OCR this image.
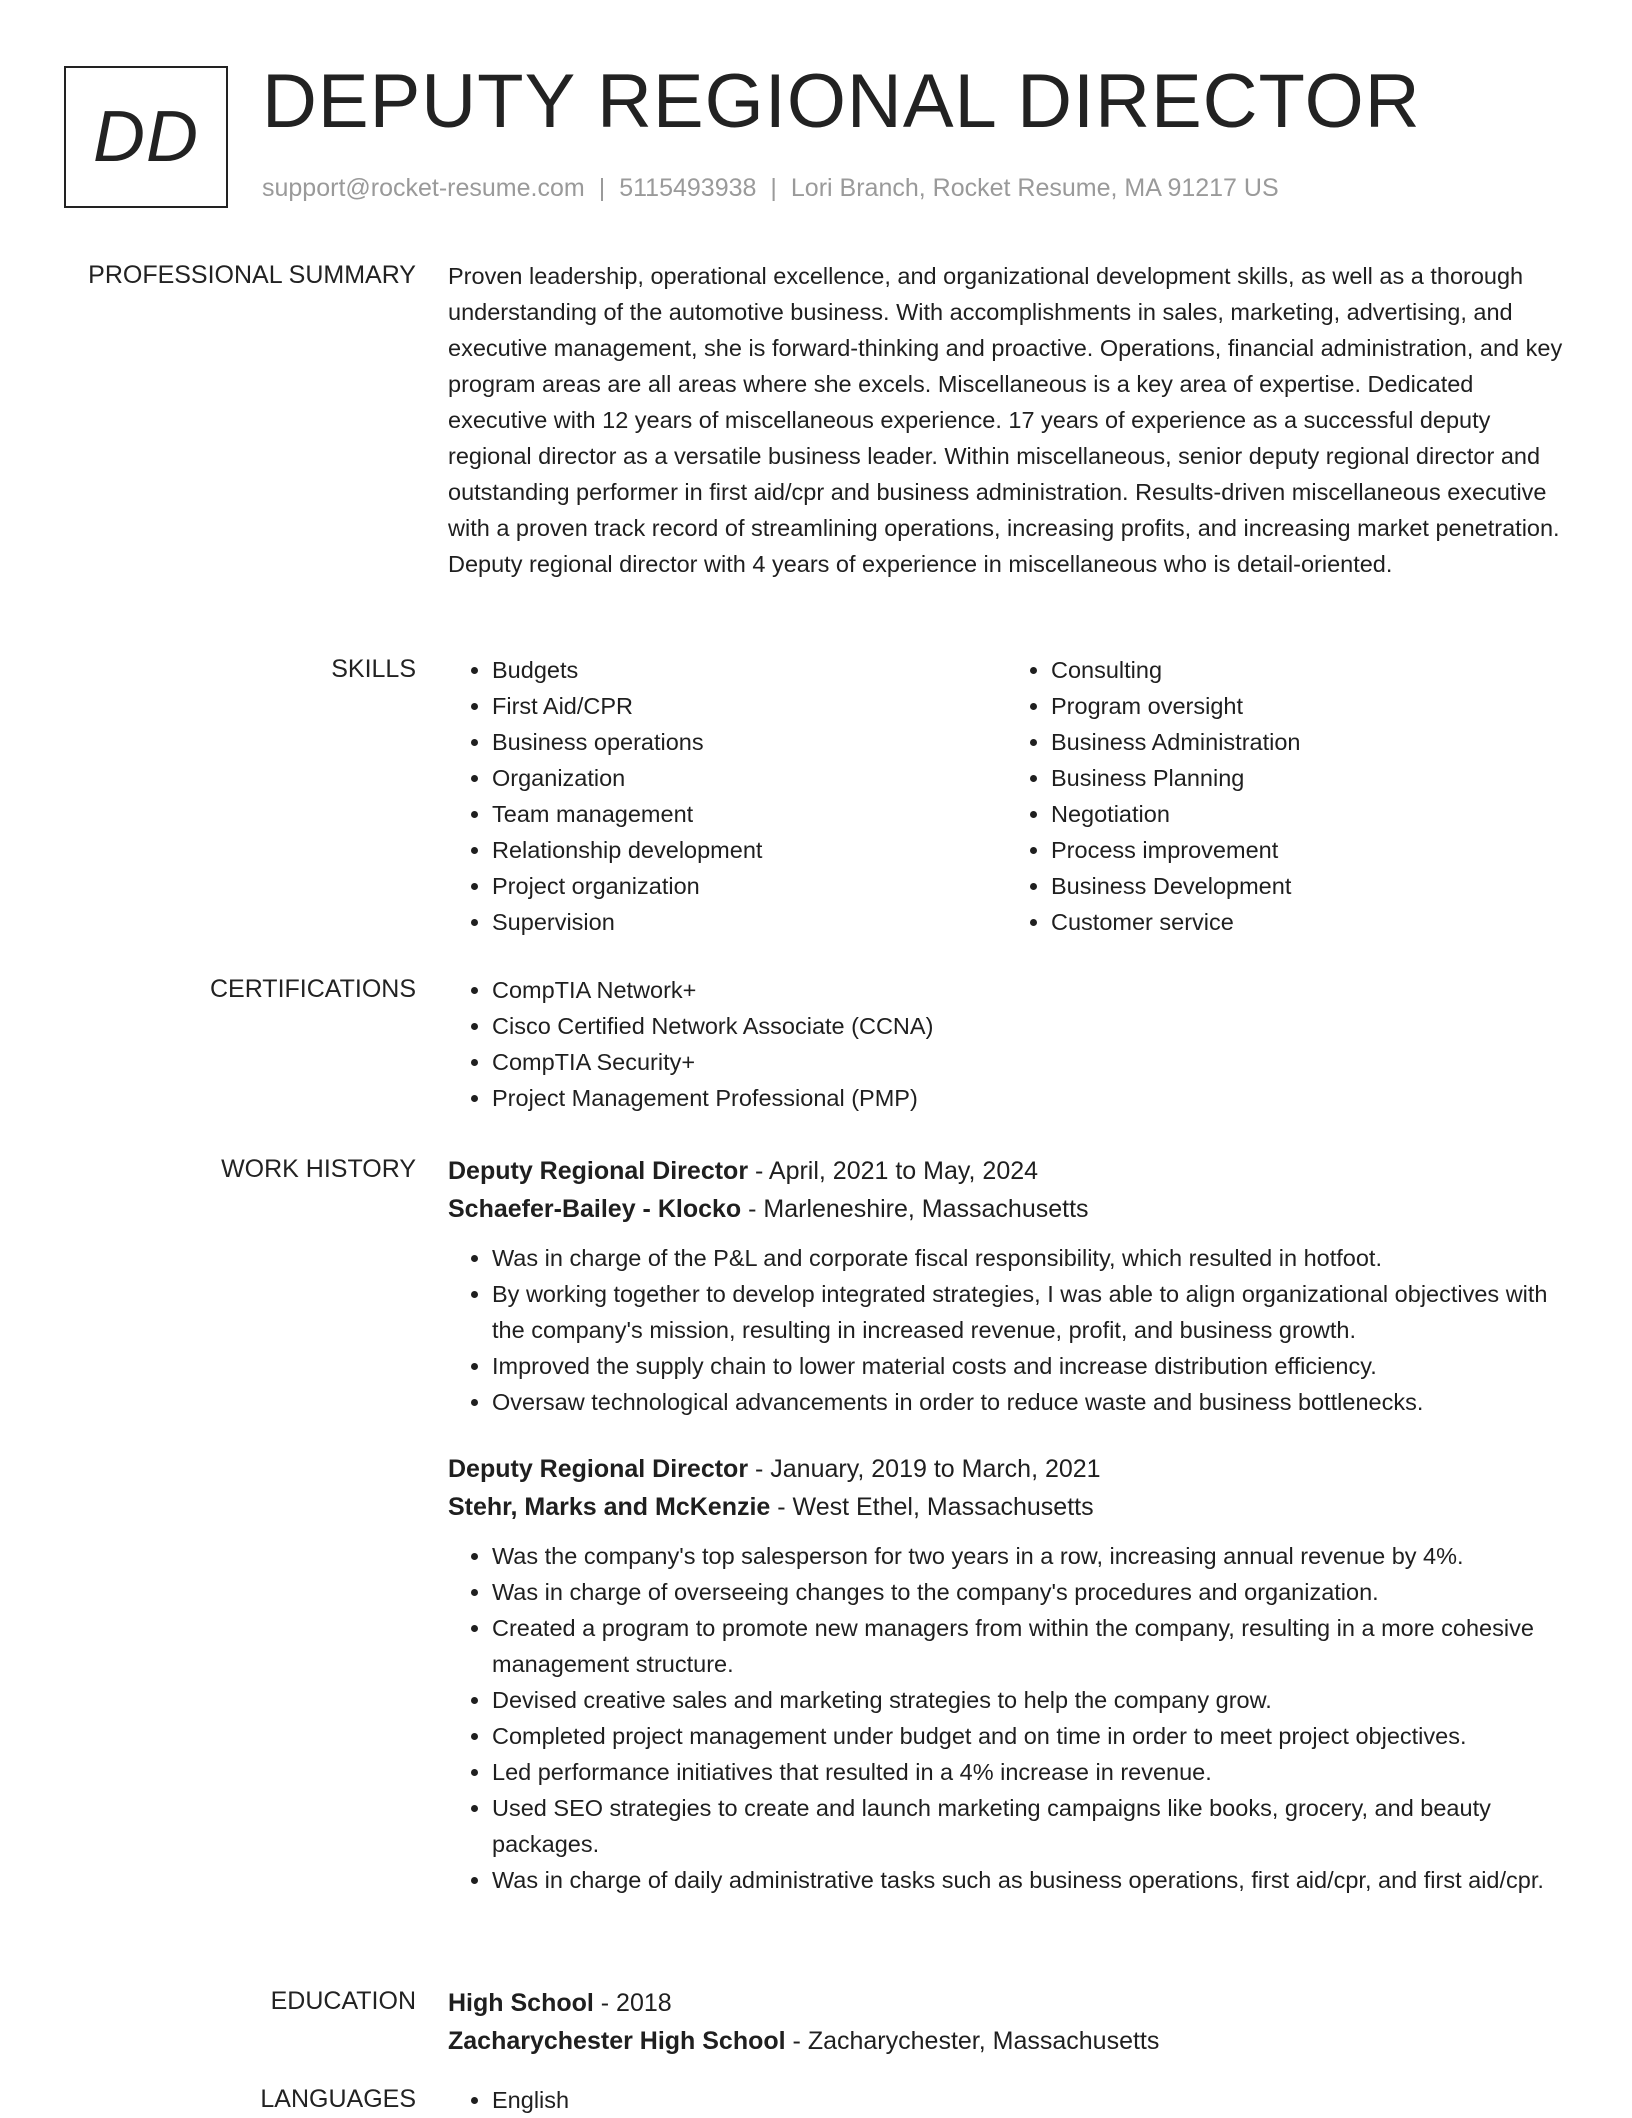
DD DEPUTY REGIONAL DIRECTOR
support@rocket-resume.com | 5115493938 | Lori Branch, Rocket Resume, MA 91217 US
PROFESSIONAL SUMMARY Proven leadership, operational excellence, and organizational development skills, as well as a thorough understanding of the automotive business. With accomplishments in sales, marketing, advertising, and executive management, she is forward-thinking and proactive. Operations, financial administration, and key program areas are all areas where she excels. Miscellaneous is a key area of expertise. Dedicated executive with 12 years of miscellaneous experience. 17 years of experience as a successful deputy regional director as a versatile business leader. Within miscellaneous, senior deputy regional director and outstanding performer in first aid/cpr and business administration. Results-driven miscellaneous executive with a proven track record of streamlining operations, increasing profits, and increasing market penetration. Deputy regional director with 4 years of experience in miscellaneous who is detail-oriented.
SKILLS	• Budgets
• First Aid/CPR
• Business operations
• Organization
• Team management
• Relationship development
• Project organization
• Supervision
• Consulting
• Program oversight
• Business Administration
• Business Planning
• Negotiation
• Process improvement
• Business Development
• Customer service
CERTIFICATIONS	• CompTIA Network+
• Cisco Certified Network Associate (CCNA)
• CompTIA Security+
• Project Management Professional (PMP)
WORK HISTORY Deputy Regional Director - April, 2021 to May, 2024
Schaefer-Bailey - Klocko - Marleneshire, Massachusetts
• Was in charge of the P&L and corporate fiscal responsibility, which resulted in hotfoot.
• By working together to develop integrated strategies, I was able to align organizational objectives with the company's mission, resulting in increased revenue, profit, and business growth.
• Improved the supply chain to lower material costs and increase distribution efficiency.
• Oversaw technological advancements in order to reduce waste and business bottlenecks.
Deputy Regional Director - January, 2019 to March, 2021
Stehr, Marks and McKenzie - West Ethel, Massachusetts
• Was the company's top salesperson for two years in a row, increasing annual revenue by 4%.
• Was in charge of overseeing changes to the company's procedures and organization.
• Created a program to promote new managers from within the company, resulting in a more cohesive management structure.
• Devised creative sales and marketing strategies to help the company grow.
• Completed project management under budget and on time in order to meet project objectives.
• Led performance initiatives that resulted in a 4% increase in revenue.
• Used SEO strategies to create and launch marketing campaigns like books, grocery, and beauty packages.
• Was in charge of daily administrative tasks such as business operations, first aid/cpr, and first aid/cpr.
EDUCATION High School - 2018
Zacharychester High School - Zacharychester, Massachusetts
LANGUAGES	• English
